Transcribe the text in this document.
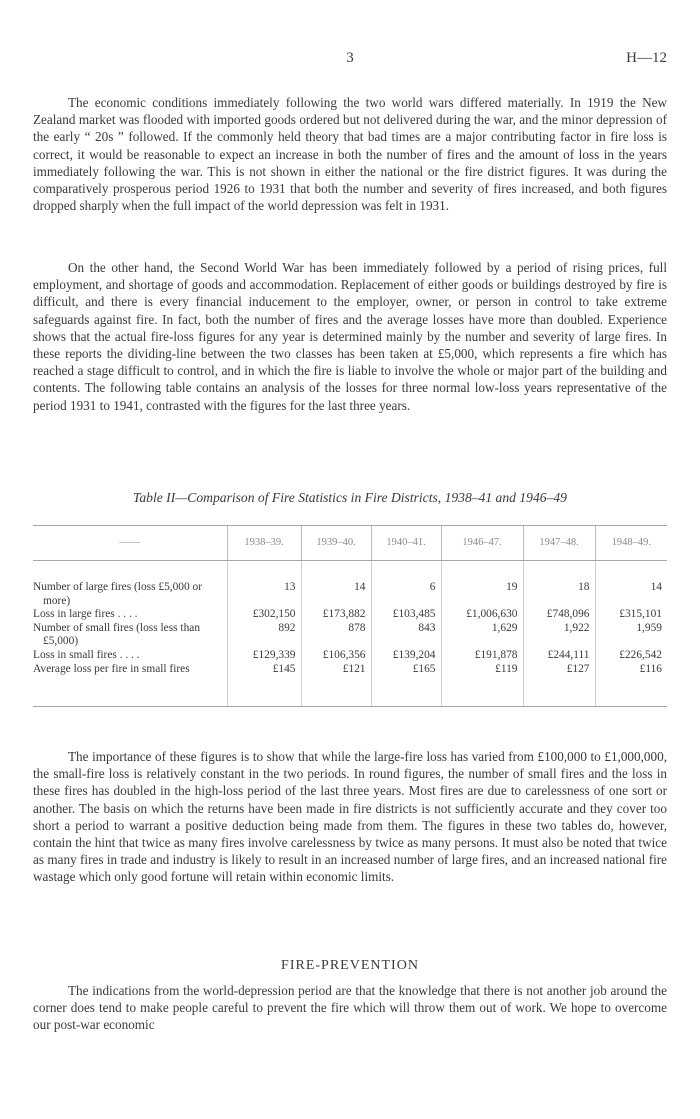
3	H—12

The economic conditions immediately following the two world wars differed materially. In 1919 the New Zealand market was flooded with imported goods ordered but not delivered during the war, and the minor depression of the early “ 20s ” followed. If the commonly held theory that bad times are a major contributing factor in fire loss is correct, it would be reasonable to expect an increase in both the number of fires and the amount of loss in the years immediately following the war. This is not shown in either the national or the fire district figures. It was during the comparatively prosperous period 1926 to 1931 that both the number and severity of fires increased, and both figures dropped sharply when the full impact of the world depression was felt in 1931.

On the other hand, the Second World War has been immediately followed by a period of rising prices, full employment, and shortage of goods and accommodation. Replacement of either goods or buildings destroyed by fire is difficult, and there is every financial inducement to the employer, owner, or person in control to take extreme safeguards against fire. In fact, both the number of fires and the average losses have more than doubled. Experience shows that the actual fire-loss figures for any year is determined mainly by the number and severity of large fires. In these reports the dividing-line between the two classes has been taken at £5,000, which represents a fire which has reached a stage difficult to control, and in which the fire is liable to involve the whole or major part of the building and contents. The following table contains an analysis of the losses for three normal low-loss years representative of the period 1931 to 1941, contrasted with the figures for the last three years.

Table II—Comparison of Fire Statistics in Fire Districts, 1938–41 and 1946–49
——	1938–39.	1939–40.	1940–41.	1946–47.	1947–48.	1948–49.

Number of large fires (loss £5,000 or more)	13	14	6	19	18	14

Loss in large fires . . . .	£302,150	£173,882	£103,485	£1,006,630	£748,096	£315,101

Number of small fires (loss less than £5,000)	892	878	843	1,629	1,922	1,959

Loss in small fires . . . .	£129,339	£106,356	£139,204	£191,878	£244,111	£226,542

Average loss per fire in small fires	£145	£121	£165	£119	£127	£116

The importance of these figures is to show that while the large-fire loss has varied from £100,000 to £1,000,000, the small-fire loss is relatively constant in the two periods. In round figures, the number of small fires and the loss in these fires has doubled in the high-loss period of the last three years. Most fires are due to carelessness of one sort or another. The basis on which the returns have been made in fire districts is not sufficiently accurate and they cover too short a period to warrant a positive deduction being made from them. The figures in these two tables do, however, contain the hint that twice as many fires involve carelessness by twice as many persons. It must also be noted that twice as many fires in trade and industry is likely to result in an increased number of large fires, and an increased national fire wastage which only good fortune will retain within economic limits.

FIRE-PREVENTION

The indications from the world-depression period are that the knowledge that there is not another job around the corner does tend to make people careful to prevent the fire which will throw them out of work. We hope to overcome our post-war economic
